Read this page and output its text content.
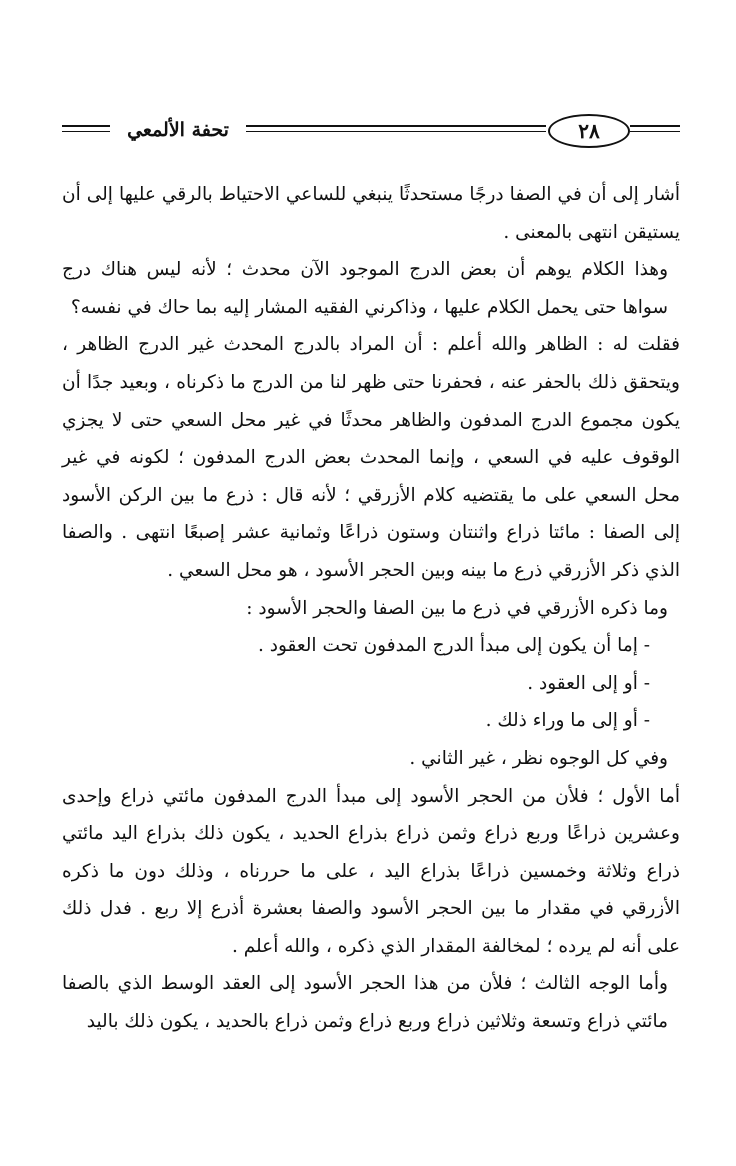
تحفة الألمعي	٢٨

أشار إلى أن في الصفا درجًا مستحدثًا ينبغي للساعي الاحتياط بالرقي عليها إلى أن يستيقن انتهى بالمعنى .

وهذا الكلام يوهم أن بعض الدرج الموجود الآن محدث ؛ لأنه ليس هناك درج سواها حتى يحمل الكلام عليها ، وذاكرني الفقيه المشار إليه بما حاك في نفسه؟

فقلت له : الظاهر والله أعلم : أن المراد بالدرج المحدث غير الدرج الظاهر ، ويتحقق ذلك بالحفر عنه ، فحفرنا حتى ظهر لنا من الدرج ما ذكرناه ، وبعيد جدًا أن يكون مجموع الدرج المدفون والظاهر محدثًا في غير محل السعي حتى لا يجزي الوقوف عليه في السعي ، وإنما المحدث بعض الدرج المدفون ؛ لكونه في غير محل السعي على ما يقتضيه كلام الأزرقي ؛ لأنه قال : ذرع ما بين الركن الأسود إلى الصفا : مائتا ذراع واثنتان وستون ذراعًا وثمانية عشر إصبعًا انتهى . والصفا الذي ذكر الأزرقي ذرع ما بينه وبين الحجر الأسود ، هو محل السعي .

وما ذكره الأزرقي في ذرع ما بين الصفا والحجر الأسود :

- إما أن يكون إلى مبدأ الدرج المدفون تحت العقود .

- أو إلى العقود .

- أو إلى ما وراء ذلك .

وفي كل الوجوه نظر ، غير الثاني .

أما الأول ؛ فلأن من الحجر الأسود إلى مبدأ الدرج المدفون مائتي ذراع وإحدى وعشرين ذراعًا وربع ذراع وثمن ذراع بذراع الحديد ، يكون ذلك بذراع اليد مائتي ذراع وثلاثة وخمسين ذراعًا بذراع اليد ، على ما حررناه ، وذلك دون ما ذكره الأزرقي في مقدار ما بين الحجر الأسود والصفا بعشرة أذرع إلا ربع . فدل ذلك على أنه لم يرده ؛ لمخالفة المقدار الذي ذكره ، والله أعلم .

وأما الوجه الثالث ؛ فلأن من هذا الحجر الأسود إلى العقد الوسط الذي بالصفا مائتي ذراع وتسعة وثلاثين ذراع وربع ذراع وثمن ذراع بالحديد ، يكون ذلك باليد
